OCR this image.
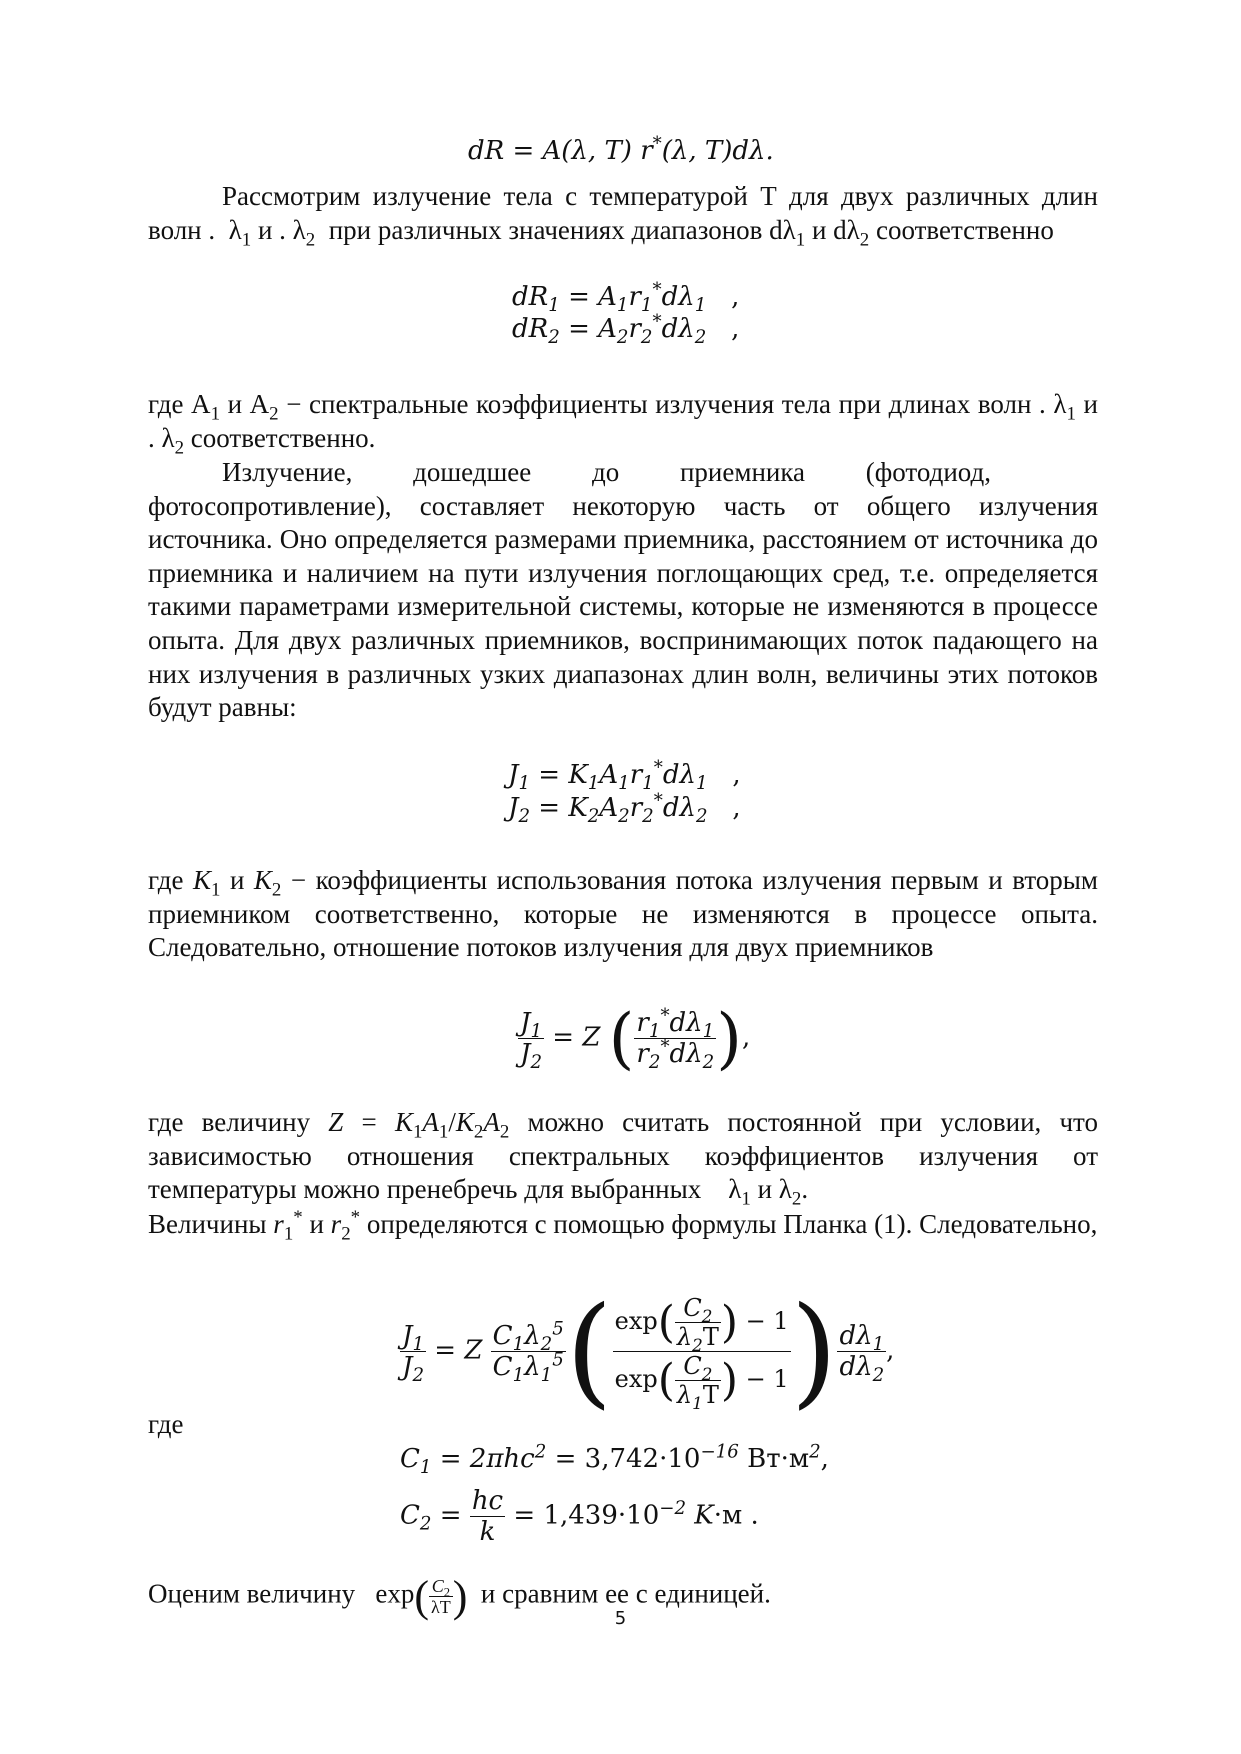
dR = A(λ, T) r*(λ, T)dλ.

Рассмотрим излучение тела с температурой Т для двух различных длин волн .  $\lambda_1$ и . $\lambda_2$  при различных значениях диапазонов $d\lambda_1$ и $d\lambda_2$ соответственно

$dR_1 = A_1r_1^*d\lambda_1$ ,
$dR_2 = A_2r_2^*d\lambda_2$ ,

где $A_1$ и $A_2$ − спектральные коэффициенты излучения тела при длинах волн . $\lambda_1$ и . $\lambda_2$ соответственно.

Излучение,         дошедшее         до         приемника         (фотодиод,

фотосопротивление), составляет некоторую часть от общего излучения источника. Оно определяется размерами приемника, расстоянием от источника до приемника и наличием на пути излучения поглощающих сред, т.е. определяется такими параметрами измерительной системы, которые не изменяются в процессе опыта. Для двух различных приемников, воспринимающих поток падающего на них излучения в различных узких диапазонах длин волн, величины этих потоков будут равны:

$J_1 = K_1A_1r_1^*d\lambda_1$ ,
$J_2 = K_2A_2r_2^*d\lambda_2$ ,

где $K_1$ и $K_2$ − коэффициенты использования потока излучения первым и вторым приемником соответственно, которые не изменяются в процессе опыта. Следовательно, отношение потоков излучения для двух приемников

$\frac{J_1}{J_2} = Z$ ( $\frac{r_1^*d\lambda_1}{r_2^*d\lambda_2}$ ),

где величину $Z = K_1A_1/K_2A_2$ можно считать постоянной при условии, что зависимостью отношения спектральных коэффициентов излучения от температуры можно пренебречь для выбранных    $\lambda_1$ и $\lambda_2$.

Величины $r_1^*$ и $r_2^*$ определяются с помощью формулы Планка (1). Следовательно,

$\frac{J_1}{J_2} = Z \frac{C_1\lambda_2^5}{C_1\lambda_1^5}$ ( $\frac{\exp( \frac{C_2}{\lambda_2T} ) - 1}{\exp( \frac{C_2}{\lambda_1T} ) - 1}$ ) $\frac{d\lambda_1}{d\lambda_2}$ ,

где

$C_1 = 2\pi hc^2 = 3,742\cdot 10^{-16}$ $Вт\cdot м^2$,
$C_2 = \frac{hc}{k} = 1,439\cdot 10^{-2}$ K·м .

Оценим величину   $\exp( \frac{C_2}{\lambda T}$ )  и сравним ее с единицей.

5
